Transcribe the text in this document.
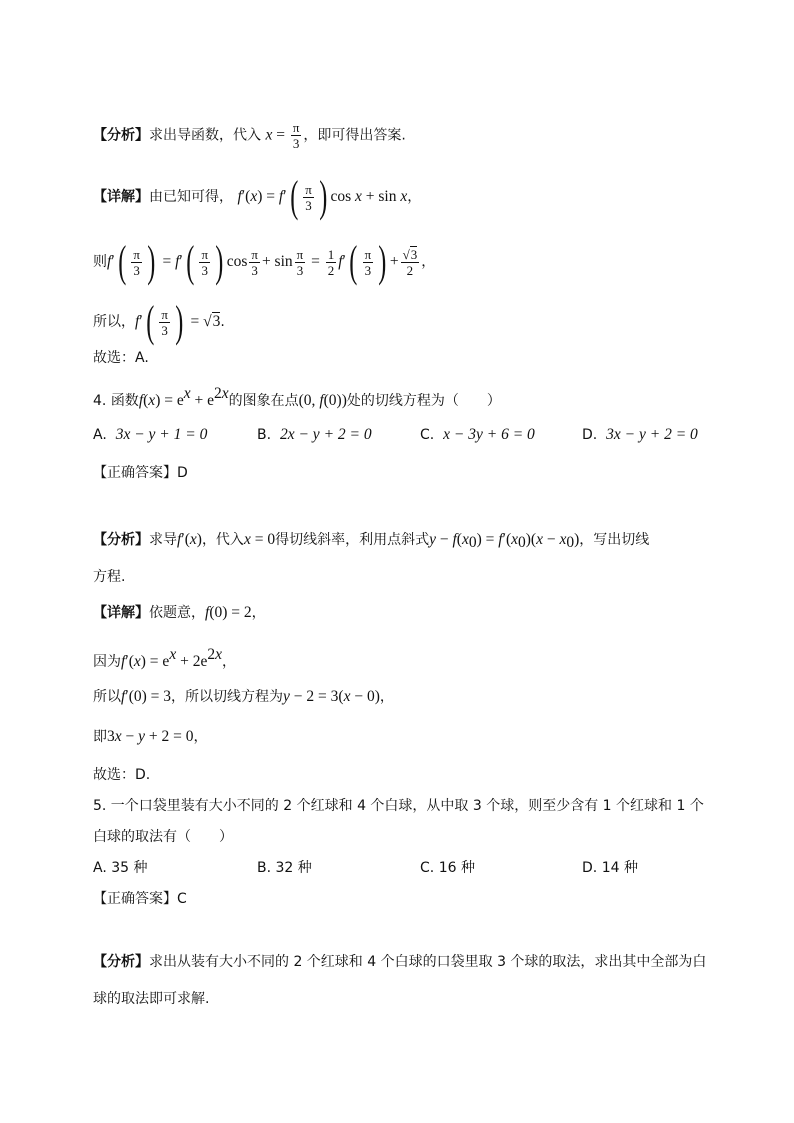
【分析】求出导函数，代入 $x = \frac{\pi}{3}$ ，即可得出答案.
【详解】由已知可得， $f'(x) = f'( \frac{\pi}{3}$ ) cos x + sin x，
则$f'( \frac{\pi}{3}$ ) = $f'( \frac{\pi}{3}$ ) $\cos \frac{\pi}{3} + \sin \frac{\pi}{3} = \frac{1}{2} f'( \frac{\pi}{3}$ ) + $\frac{√3}{2}$ ，
所以，$f'( \frac{\pi}{3}$ ) = √3.
故选：A.
4. 函数$f(x) = e^x + e^{2x}$的图象在点(0, f(0))处的切线方程为（　　）
A. 3x − y + 1 = 0	B. 2x − y + 2 = 0	C. x − 3y + 6 = 0	D. 3x − y + 2 = 0
【正确答案】D
【分析】求导f′(x)，代入x = 0得切线斜率，利用点斜式$y - f(x_0) = f'(x_0)(x - x_0)$，写出切线
方程.
【详解】依题意，f(0) = 2，
因为$f'(x) = e^x + 2e^{2x}$，
所以f′(0) = 3，所以切线方程为y − 2 = 3(x − 0)，
即3x − y + 2 = 0，
故选：D.
5. 一个口袋里装有大小不同的 2 个红球和 4 个白球，从中取 3 个球，则至少含有 1 个红球和 1 个
白球的取法有（　　）
A. 35 种	B. 32 种	C. 16 种	D. 14 种
【正确答案】C
【分析】求出从装有大小不同的 2 个红球和 4 个白球的口袋里取 3 个球的取法，求出其中全部为白
球的取法即可求解.
